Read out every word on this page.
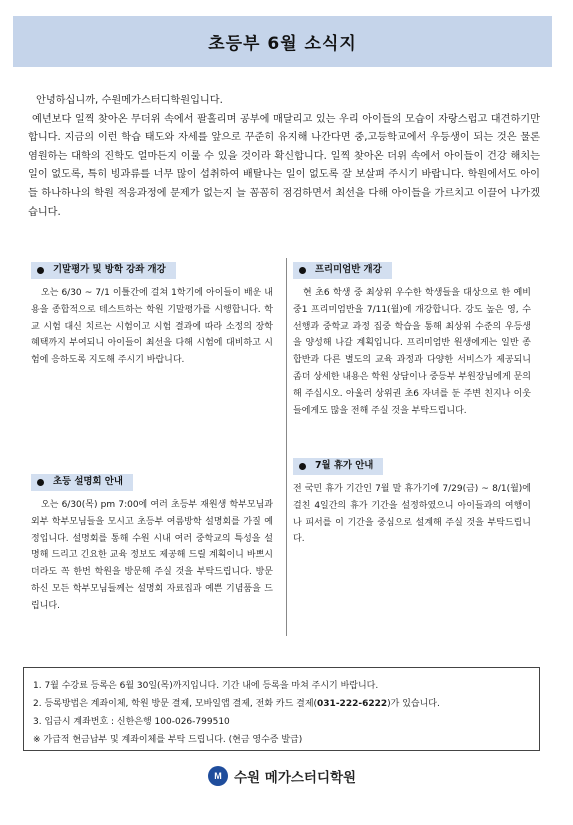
초등부 6월 소식지

안녕하십니까, 수원메가스터디학원입니다.

예년보다 일찍 찾아온 무더위 속에서 팔홀리며 공부에 매달리고 있는 우리 아이들의 모습이 자랑스럽고 대견하기만 합니다. 지금의 이런 학습 태도와 자세를 앞으로 꾸준히 유지해 나간다면 중,고등학교에서 우등생이 되는 것은 물론 염원하는 대학의 진학도 얼마든지 이룰 수 있을 것이라 확신합니다. 일찍 찾아온 더위 속에서 아이들이 건강 해치는 일이 없도록, 특히 빙과류를 너무 많이 섭취하여 배탈나는 일이 없도록 잘 보살펴 주시기 바랍니다. 학원에서도 아이들 하나하나의 학원 적응과정에 문제가 없는지 늘 꼼꼼히 점검하면서 최선을 다해 아이들을 가르치고 이끌어 나가겠습니다.

기말평가 및 방학 강좌 개강

오는 6/30 ~ 7/1 이틀간에 걸쳐 1학기에 아이들이 배운 내용을 종합적으로 테스트하는 학원 기말평가를 시행합니다. 학교 시험 대신 치르는 시험이고 시험 결과에 따라 소정의 장학 혜택까지 부여되니 아이들이 최선을 다해 시험에 대비하고 시험에 응하도록 지도해 주시기 바랍니다.

초등 설명회 안내

오는 6/30(목) pm 7:00에 여러 초등부 재원생 학부모님과 외부 학부모님들을 모시고 초등부 여름방학 설명회를 가질 예정입니다. 설명회를 통해 수원 시내 여러 중학교의 특성을 설명해 드리고 긴요한 교육 정보도 제공해 드릴 계획이니 바쁘시더라도 꼭 한번 학원을 방문해 주실 것을 부탁드립니다. 방문하신 모든 학부모님들께는 설명회 자료집과 예쁜 기념품을 드립니다.

프리미엄반 개강

현 초6 학생 중 최상위 우수한 학생들을 대상으로 한 예비 중1 프리미엄반을 7/11(월)에 개강합니다. 강도 높은 영, 수 선행과 중학교 과정 집중 학습을 통해 최상위 수준의 우등생을 양성해 나갈 계획입니다. 프리미엄반 원생에게는 일반 종합반과 다른 별도의 교육 과정과 다양한 서비스가 제공되니 좀더 상세한 내용은 학원 상담이나 중등부 부원장님에게 문의해 주십시오. 아울러 상위권 초6 자녀를 둔 주변 친지나 이웃들에게도 많을 전해 주실 것을 부탁드립니다.

7월 휴가 안내

전 국민 휴가 기간인 7월 말 휴가기에 7/29(금) ~ 8/1(월)에 걸친 4일간의 휴가 기간을 설정하였으니 아이들과의 여행이나 피서를 이 기간을 중심으로 설계해 주실 것을 부탁드립니다.

1. 7월 수강료 등록은 6월 30일(목)까지입니다. 기간 내에 등록을 마쳐 주시기 바랍니다.
2. 등록방법은 계좌이체, 학원 방문 결제, 모바일앱 결제, 전화 카드 결제(031-222-6222)가 있습니다.
3. 입금시 계좌번호 : 신한은행 100-026-799510
※ 가급적 현금납부 및 계좌이체를 부탁 드립니다. (현금 영수증 발급)
M 수원 메가스터디학원
